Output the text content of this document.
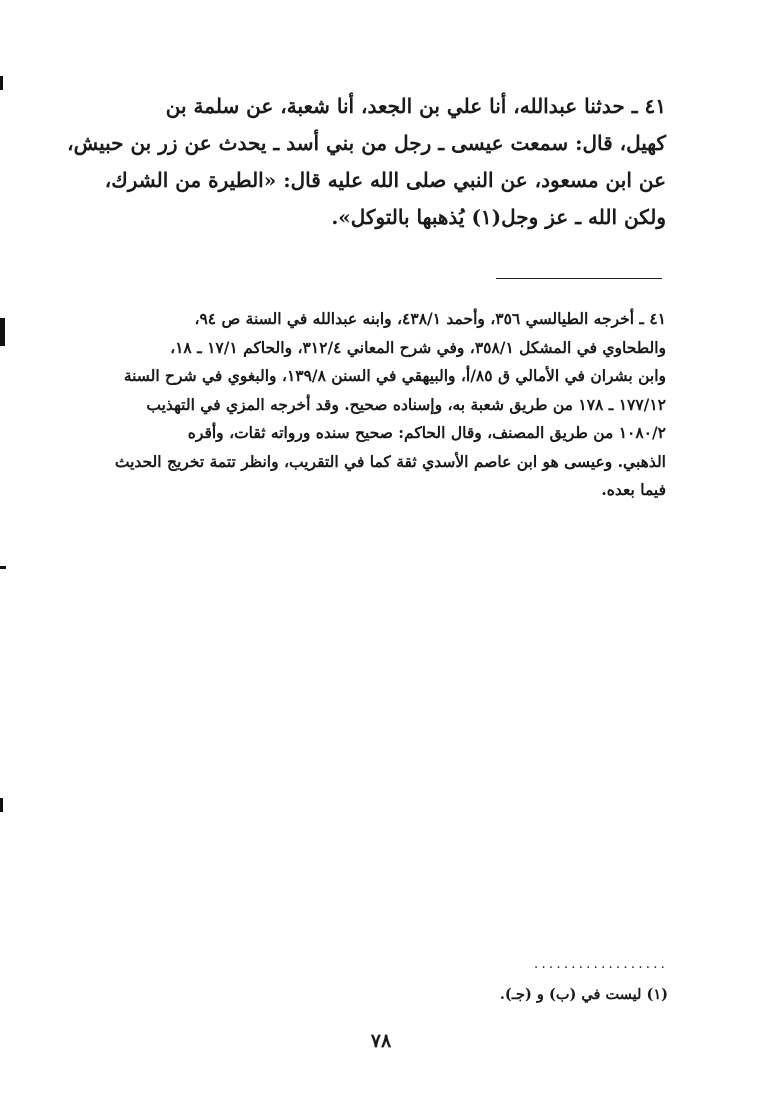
٤١ ـ حدثنا عبدالله، أنا علي بن الجعد، أنا شعبة، عن سلمة بن
كهيل، قال: سمعت عيسى ـ رجل من بني أسد ـ يحدث عن زر بن حبيش،
عن ابن مسعود، عن النبي صلى الله عليه قال: «الطيرة من الشرك،
ولكن الله ـ عز وجل(١) يُذهبها بالتوكل».
٤١ ـ أخرجه الطيالسي ٣٥٦، وأحمد ٤٣٨/١، وابنه عبدالله في السنة ص ٩٤،
والطحاوي في المشكل ٣٥٨/١، وفي شرح المعاني ٣١٢/٤، والحاكم ١٧/١ ـ ١٨،
وابن بشران في الأمالي ق ٨٥/أ، والبيهقي في السنن ١٣٩/٨، والبغوي في شرح السنة
١٧٧/١٢ ـ ١٧٨ من طريق شعبة به، وإسناده صحيح. وقد أخرجه المزي في التهذيب
١٠٨٠/٢ من طريق المصنف، وقال الحاكم: صحيح سنده ورواته ثقات، وأقره
الذهبي. وعيسى هو ابن عاصم الأسدي ثقة كما في التقريب، وانظر تتمة تخريج الحديث
فيما بعده.
..................
(١) ليست في (ب) و (جـ).
٧٨
